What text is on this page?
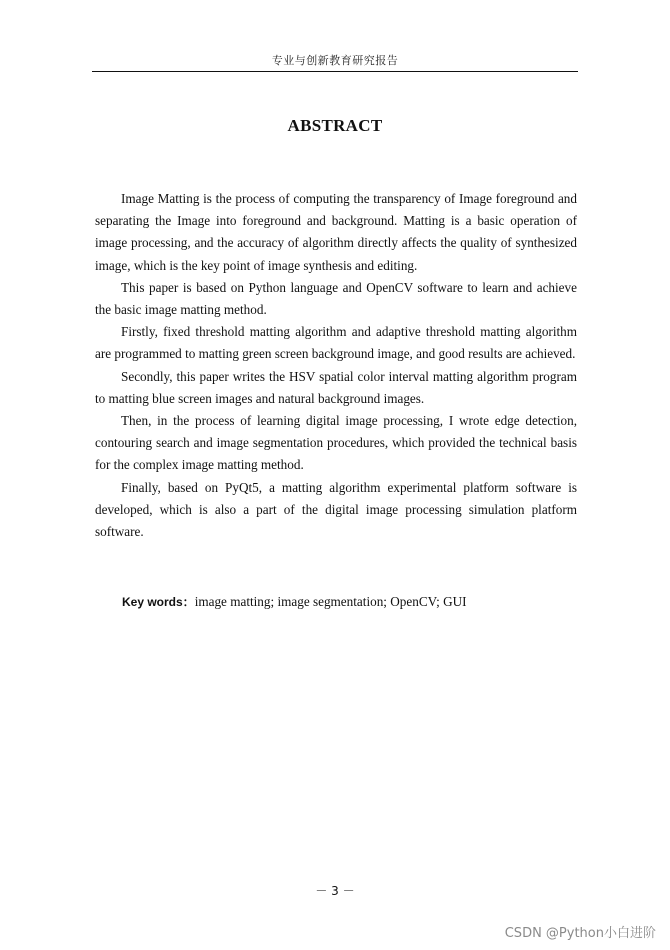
专业与创新教育研究报告
ABSTRACT

Image Matting is the process of computing the transparency of Image foreground and separating the Image into foreground and background. Matting is a basic operation of image processing, and the accuracy of algorithm directly affects the quality of synthesized image, which is the key point of image synthesis and editing.

This paper is based on Python language and OpenCV software to learn and achieve the basic image matting method.

Firstly, fixed threshold matting algorithm and adaptive threshold matting algorithm are programmed to matting green screen background image, and good results are achieved.

Secondly, this paper writes the HSV spatial color interval matting algorithm program to matting blue screen images and natural background images.

Then, in the process of learning digital image processing, I wrote edge detection, contouring search and image segmentation procedures, which provided the technical basis for the complex image matting method.

Finally, based on PyQt5, a matting algorithm experimental platform software is developed, which is also a part of the digital image processing simulation platform software.

Key words：image matting; image segmentation; OpenCV; GUI
－ 3 －
CSDN @Python小白进阶
